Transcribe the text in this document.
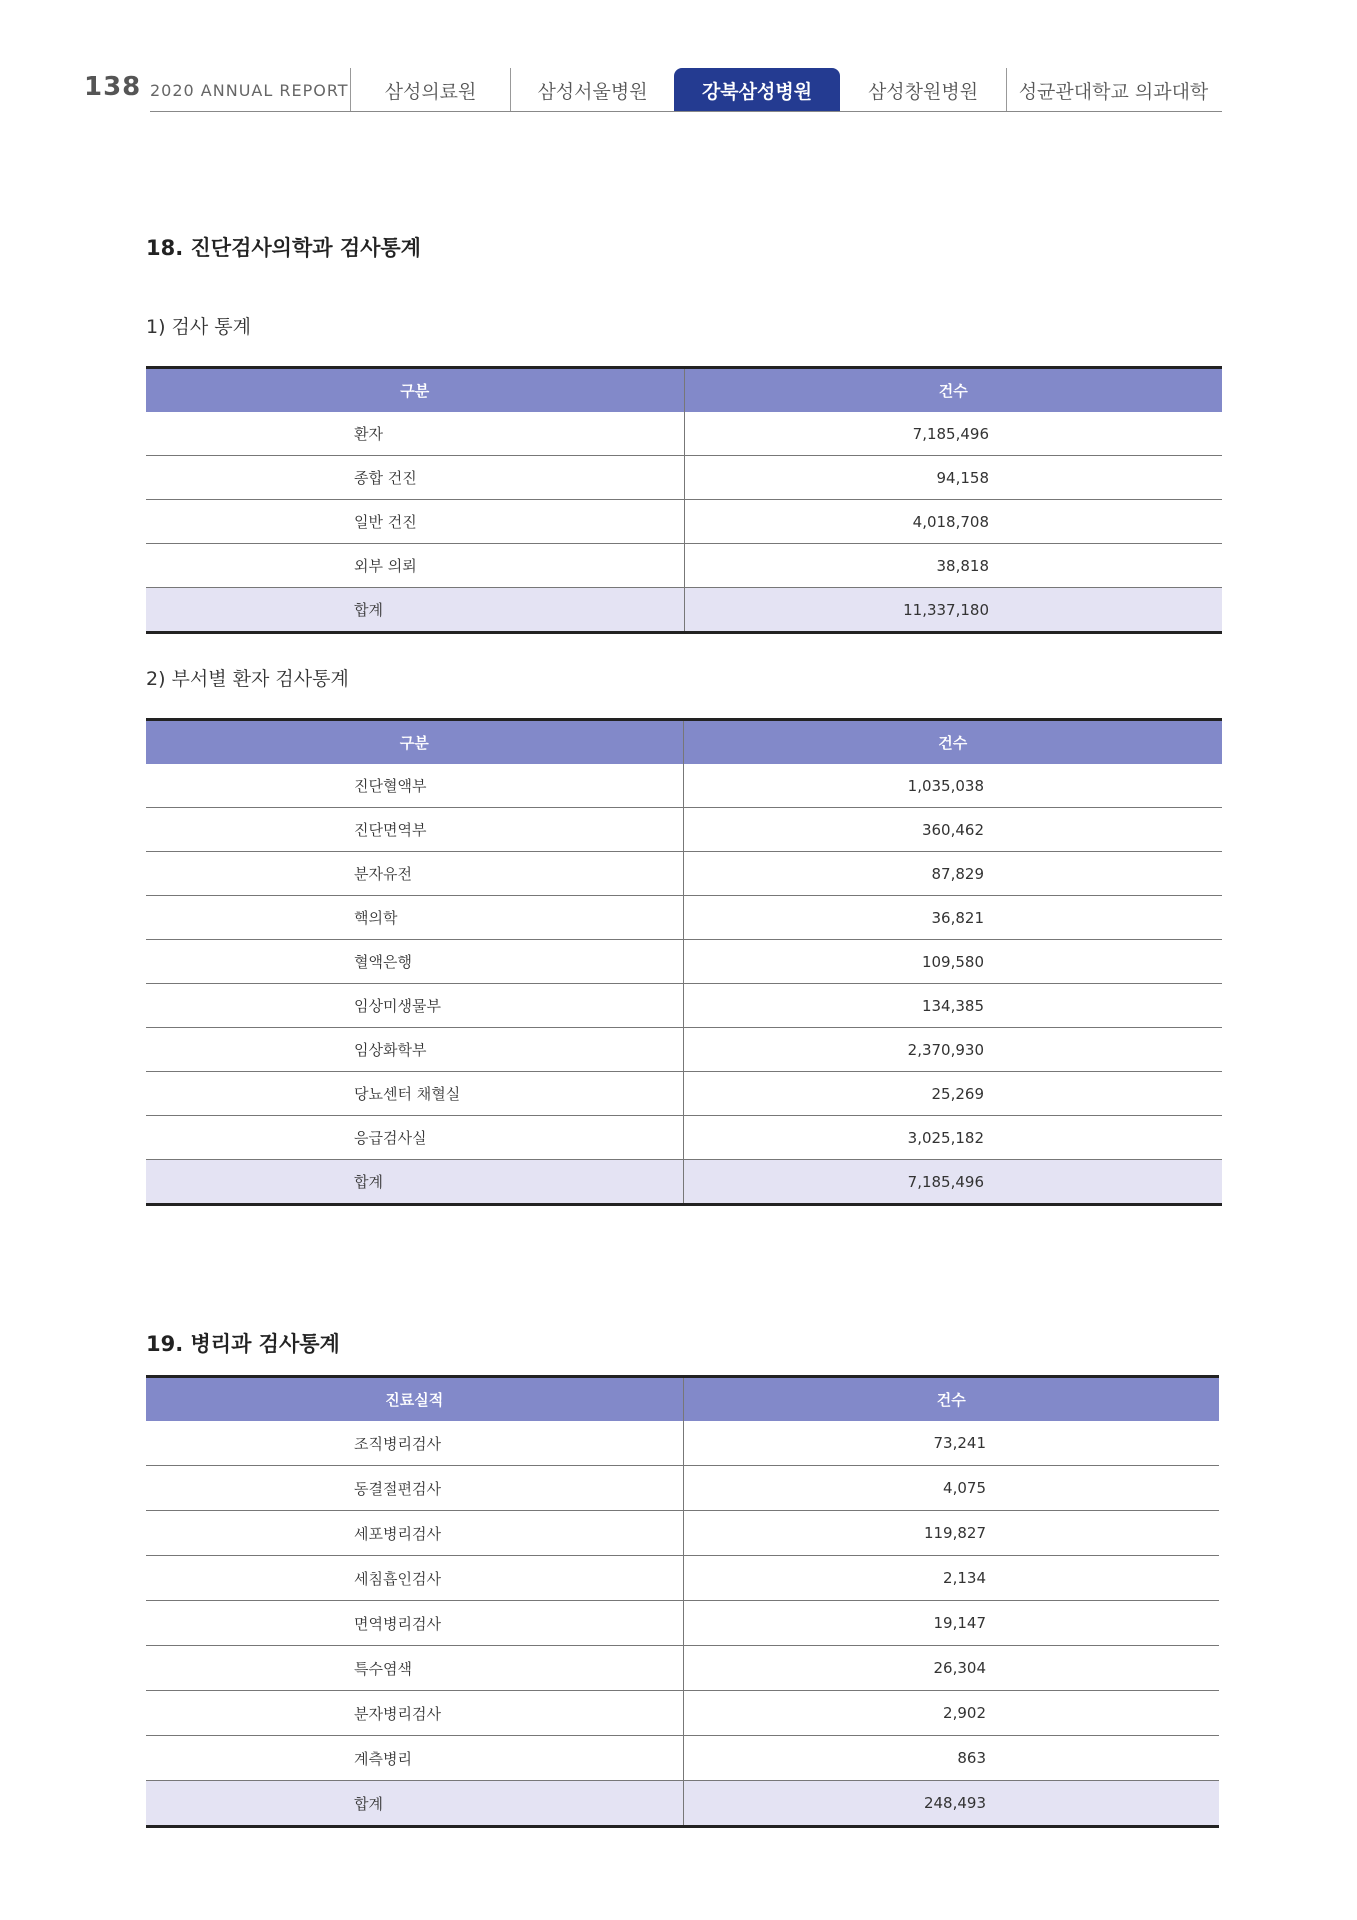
138 2020 ANNUAL REPORT	삼성의료원	삼성서울병원	강북삼성병원	삼성창원병원	성균관대학교 의과대학
18. 진단검사의학과 검사통계
1) 검사 통계
구분	건수
환자	7,185,496
종합 건진	94,158
일반 건진	4,018,708
외부 의뢰	38,818
합계	11,337,180
2) 부서별 환자 검사통계
구분	건수
진단혈액부	1,035,038
진단면역부	360,462
분자유전	87,829
핵의학	36,821
혈액은행	109,580
임상미생물부	134,385
임상화학부	2,370,930
당뇨센터 채혈실	25,269
응급검사실	3,025,182
합계	7,185,496
19. 병리과 검사통계
진료실적	건수
조직병리검사	73,241
동결절편검사	4,075
세포병리검사	119,827
세침흡인검사	2,134
면역병리검사	19,147
특수염색	26,304
분자병리검사	2,902
계측병리	863
합계	248,493
